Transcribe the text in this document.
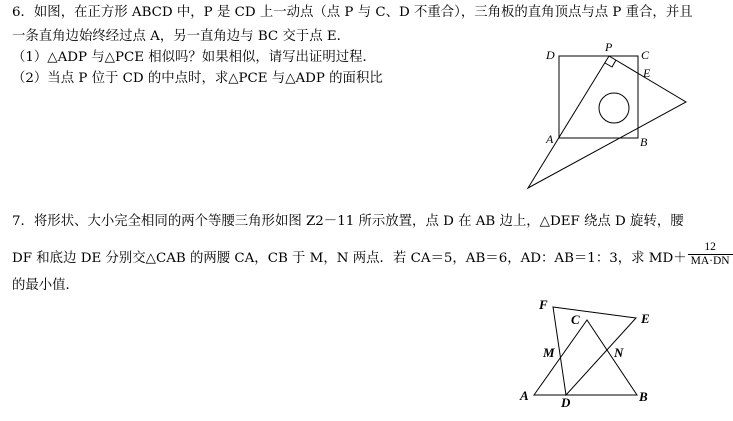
6．如图，在正方形 ABCD 中，P 是 CD 上一动点（点 P 与 C、D 不重合），三角板的直角顶点与点 P 重合，并且
一条直角边始终经过点 A，另一直角边与 BC 交于点 E．
（1）△ADP 与△PCE 相似吗？如果相似，请写出证明过程．
（2）当点 P 位于 CD 的中点时，求△PCE 与△ADP 的面积比
P
C
D
E
A	B
7．将形状、大小完全相同的两个等腰三角形如图 Z2－11 所示放置，点 D 在 AB 边上，△DEF 绕点 D 旋转，腰
DF 和底边 DE 分别交△CAB 的两腰 CA，CB 于 M，N 两点．若 CA＝5，AB＝6，AD：AB＝1：3，求 $MD+ \frac{12}{MA\cdot DN}$
的最小值．
F
C	E
M	N
A D	B
